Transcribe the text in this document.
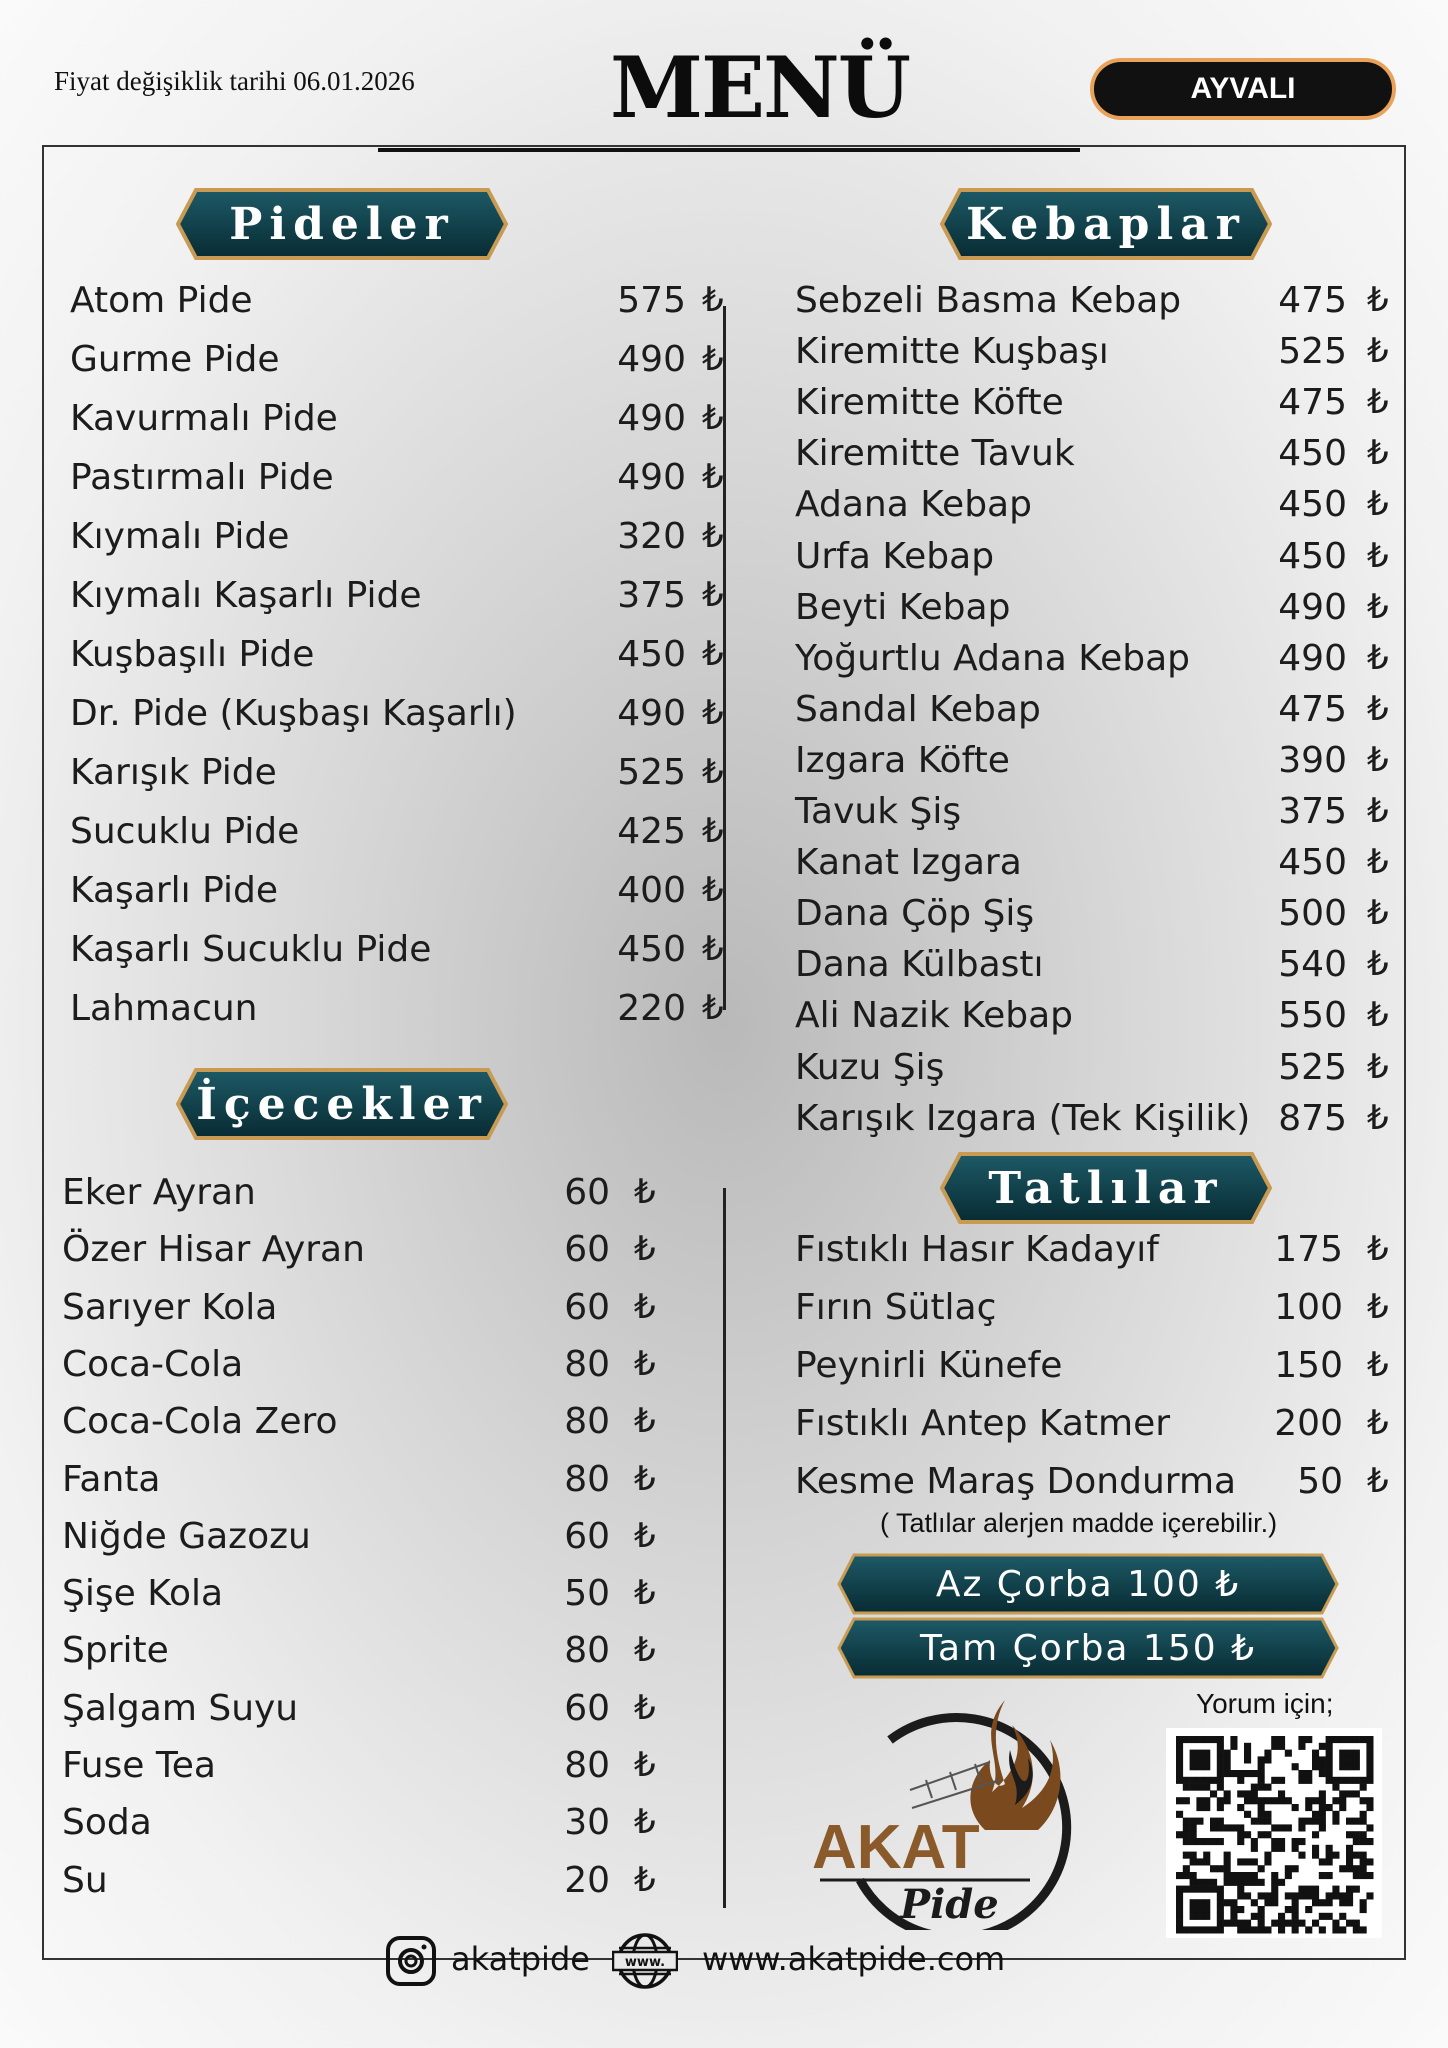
Fiyat değişiklik tarihi 06.01.2026 MENÜ	AYVALI
Pideler	Kebaplar
İçecekler
Tatlılar
Atom Pide	575 ₺
Gurme Pide	490 ₺
Kavurmalı Pide	490 ₺
Pastırmalı Pide	490 ₺
Kıymalı Pide	320 ₺
Kıymalı Kaşarlı Pide	375 ₺
Kuşbaşılı Pide	450 ₺
Dr. Pide (Kuşbaşı Kaşarlı)	490 ₺
Karışık Pide	525 ₺
Sucuklu Pide	425 ₺
Kaşarlı Pide	400 ₺
Kaşarlı Sucuklu Pide	450 ₺
Lahmacun	220 ₺
Sebzeli Basma Kebap	475 ₺
Kiremitte Kuşbaşı	525 ₺
Kiremitte Köfte	475 ₺
Kiremitte Tavuk	450 ₺
Adana Kebap	450 ₺
Urfa Kebap	450 ₺
Beyti Kebap	490 ₺
Yoğurtlu Adana Kebap	490 ₺
Sandal Kebap	475 ₺
Izgara Köfte	390 ₺
Tavuk Şiş	375 ₺
Kanat Izgara	450 ₺
Dana Çöp Şiş	500 ₺
Dana Külbastı	540 ₺
Ali Nazik Kebap	550 ₺
Kuzu Şiş	525 ₺
Karışık Izgara (Tek Kişilik) 875 ₺
Eker Ayran	60 ₺
Özer Hisar Ayran	60 ₺
Sarıyer Kola	60 ₺
Coca-Cola	80 ₺
Coca-Cola Zero	80 ₺
Fanta	80 ₺
Niğde Gazozu	60 ₺
Şişe Kola	50 ₺
Sprite	80 ₺
Şalgam Suyu	60 ₺
Fuse Tea	80 ₺
Soda	30 ₺
Su	20 ₺
Fıstıklı Hasır Kadayıf	175 ₺
Fırın Sütlaç	100 ₺
Peynirli Künefe	150 ₺
Fıstıklı Antep Katmer	200 ₺
Kesme Maraş Dondurma	50 ₺
( Tatlılar alerjen madde içerebilir.)
Az Çorba 100 ₺
Tam Çorba 150 ₺
AKAT
Pide
Yorum için;
akatpide	www. www.akatpide.com
